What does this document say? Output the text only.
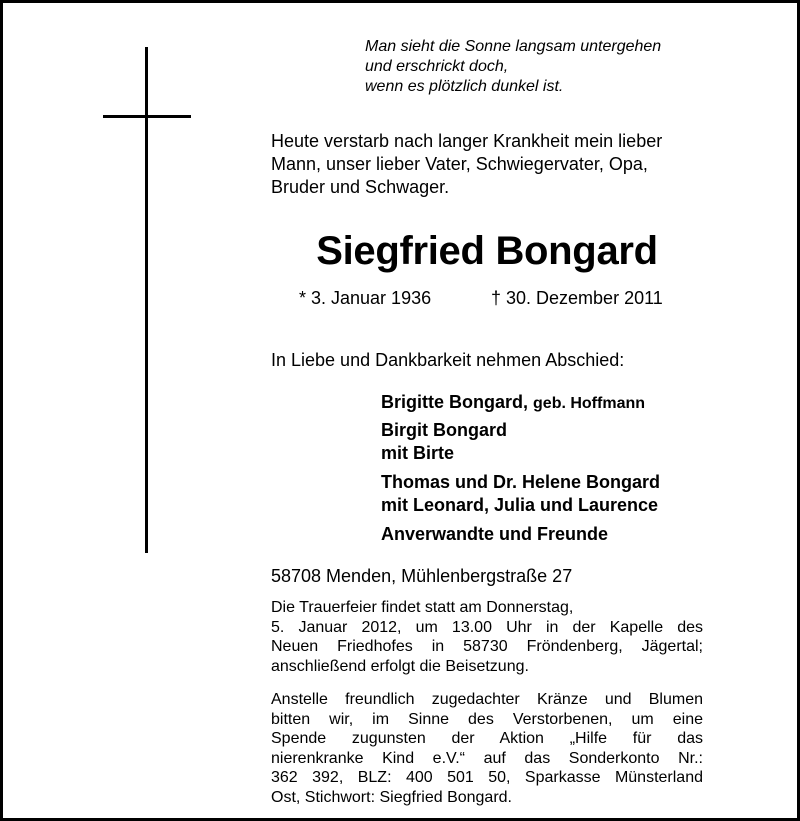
Man sieht die Sonne langsam untergehen
und erschrickt doch,
wenn es plötzlich dunkel ist.
Heute verstarb nach langer Krankheit mein lieber
Mann, unser lieber Vater, Schwiegervater, Opa,
Bruder und Schwager.
Siegfried Bongard
* 3. Januar 1936	† 30. Dezember 2011
In Liebe und Dankbarkeit nehmen Abschied:
Brigitte Bongard, geb. Hoffmann
Birgit Bongard
mit Birte
Thomas und Dr. Helene Bongard
mit Leonard, Julia und Laurence
Anverwandte und Freunde
58708 Menden, Mühlenbergstraße 27
Die Trauerfeier findet statt am Donnerstag,
5. Januar 2012, um 13.00 Uhr in der Kapelle des
Neuen Friedhofes in 58730 Fröndenberg, Jägertal;
anschließend erfolgt die Beisetzung.
Anstelle freundlich zugedachter Kränze und Blumen
bitten wir, im Sinne des Verstorbenen, um eine
Spende zugunsten der Aktion „Hilfe für das
nierenkranke Kind e.V.“ auf das Sonderkonto Nr.:
362 392, BLZ: 400 501 50, Sparkasse Münsterland
Ost, Stichwort: Siegfried Bongard.
